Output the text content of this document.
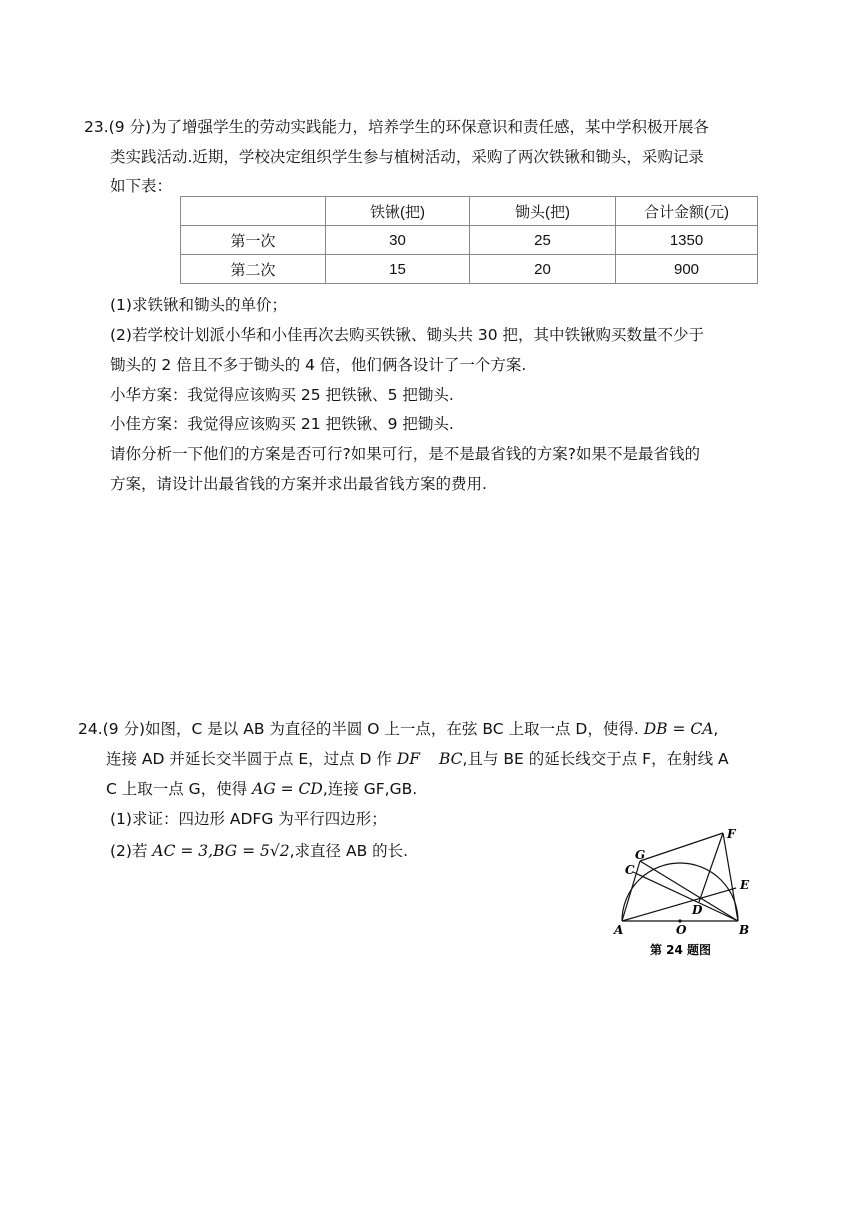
23.(9 分)为了增强学生的劳动实践能力，培养学生的环保意识和责任感，某中学积极开展各
类实践活动.近期，学校决定组织学生参与植树活动，采购了两次铁锹和锄头，采购记录
如下表：
	铁锹(把)	锄头(把)	合计金额(元)
第一次	30	25	1350
第二次	15	20	900
(1)求铁锹和锄头的单价；
(2)若学校计划派小华和小佳再次去购买铁锹、锄头共 30 把，其中铁锹购买数量不少于
锄头的 2 倍且不多于锄头的 4 倍，他们俩各设计了一个方案.
小华方案：我觉得应该购买 25 把铁锹、5 把锄头.
小佳方案：我觉得应该购买 21 把铁锹、9 把锄头.
请你分析一下他们的方案是否可行?如果可行，是不是最省钱的方案?如果不是最省钱的
方案，请设计出最省钱的方案并求出最省钱方案的费用.
24.(9 分)如图，C 是以 AB 为直径的半圆 O 上一点，在弦 BC 上取一点 D，使得. DB = CA,
连接 AD 并延长交半圆于点 E，过点 D 作 DF BC,且与 BE 的延长线交于点 F，在射线 A
C 上取一点 G，使得 AG = CD,连接 GF,GB.
(1)求证：四边形 ADFG 为平行四边形；
(2)若 AC = 3,BG = 5√2,求直径 AB 的长.	G
C
F
E
D
A	O	B
第 24 题图
